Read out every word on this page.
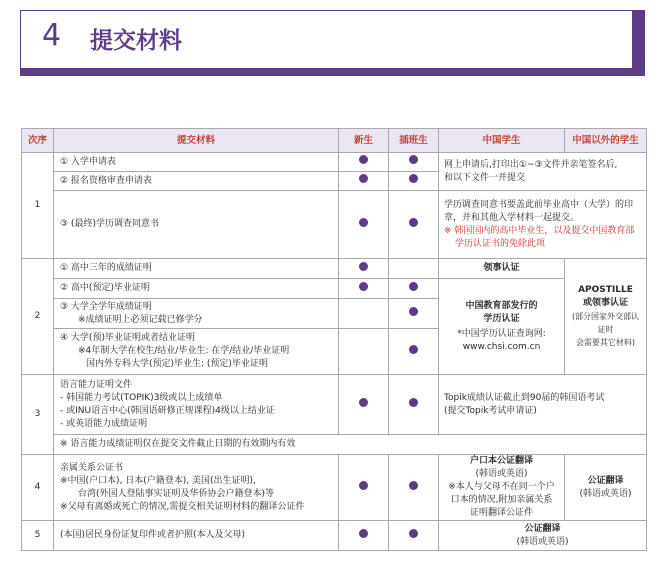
4 提交材料
次序	提交材料	新生	插班生	中国学生	中国以外的学生
1	① 入学申请表			网上申请后,打印出①~③文件并亲笔签名后,
和以下文件一并提交	

	② 报名资格审查申请表				
	③ (最终)学历调查同意书			学历调查同意书要盖此前毕业高中（大学）的印
章，并和其他入学材料一起提交。
※ 韩国国内的高中毕业生，以及提交中国教育部
学历认证书的免除此项	

2	① 高中三年的成绩证明			领事认证	APOSTILLE
或领事认证
(部分国家外交部认证时
会需要其它材料)

	② 高中(预定)毕业证明			中国教育部发行的
学历认证
*中国学历认证查询网:
www.chsi.com.cn	

	③ 大学全学年成绩证明
※成绩证明上必须记载已修学分				

	④ 大学(预)毕业证明或者结业证明
※4年制大学在校生/结业/毕业生: 在学/结业/毕业证明
国内外专科大学(预定)毕业生: (预定)毕业证明				

3	语言能力证明文件
- 韩国能力考试(TOPIK)3级或以上成绩单
- 或INU语言中心(韩国语研修正规课程)4级以上结业证
- 或英语能力成绩证明			Topik成绩认证截止到90届的韩国语考试
(提交Topik考试申请证)	

	※ 语言能力成绩证明仅在提交文件截止日期的有效期内有效				
4	亲属关系公证书
※中国(户口本), 日本(户籍登本), 美国(出生证明),
台湾(外国人登陆事实证明及华侨协会户籍登本)等
※父母有离婚或死亡的情况,需提交相关证明材料的翻译公证件			户口本公证翻译
(韩语或英语)
※本人与父母不在同一个户
口本的情况,附加亲属关系
证明翻译公证件	公证翻译
(韩语或英语)

5	(本国)居民身份证复印件或者护照(本人及父母)			公证翻译
(韩语或英语)	
